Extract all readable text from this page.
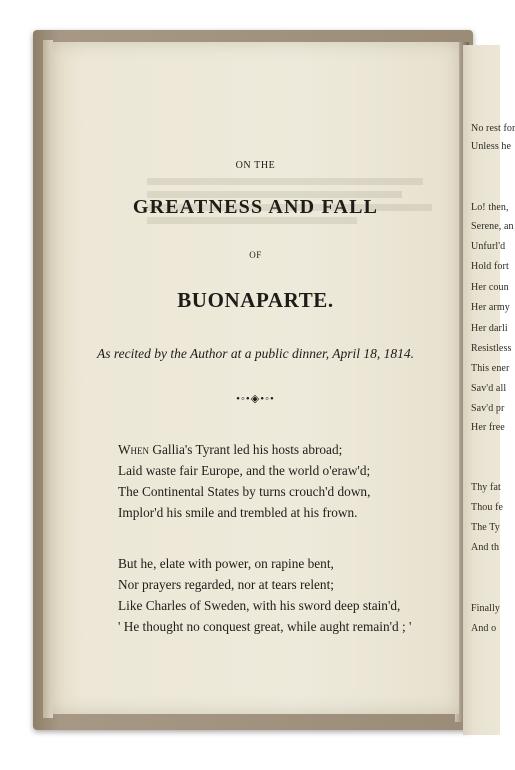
No rest for
Unless he
Lo! then,
Serene, an
Unfurl'd
Hold fort
Her coun
Her army
Her darli
Resistless
This ener
Sav'd all
Sav'd pr
Her free
Thy fat
Thou fe
The Ty
And th
Finally
And o
ON THE
GREATNESS AND FALL
OF
BUONAPARTE.
As recited by the Author at a public dinner, April 18, 1814.
•◦•◈•◦•
When Gallia's Tyrant led his hosts abroad;
Laid waste fair Europe, and the world o'eraw'd;
The Continental States by turns crouch'd down,
Implor'd his smile and trembled at his frown.
But he, elate with power, on rapine bent,
Nor prayers regarded, nor at tears relent;
Like Charles of Sweden, with his sword deep stain'd,
' He thought no conquest great, while aught remain'd ; '
